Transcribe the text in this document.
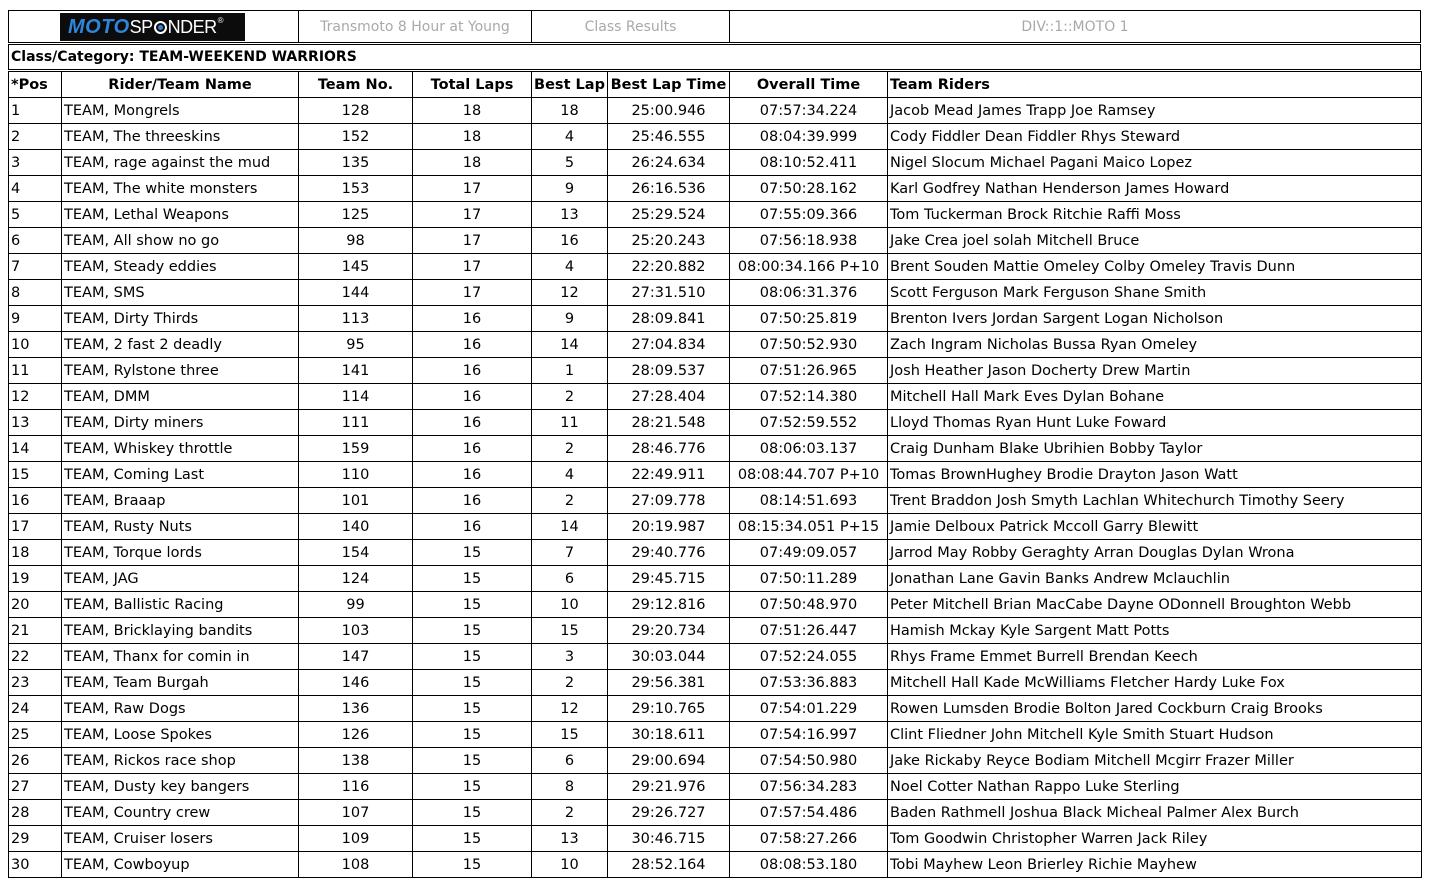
MOTO SP NDER ®	Transmoto 8 Hour at Young	Class Results	DIV::1::MOTO 1
Class/Category: TEAM-WEEKEND WARRIORS
*Pos	Rider/Team Name	Team No.	Total Laps	Best Lap	Best Lap Time	Overall Time	Team Riders
1	TEAM, Mongrels	128	18	18	25:00.946	07:57:34.224	Jacob Mead James Trapp Joe Ramsey
2	TEAM, The threeskins	152	18	4	25:46.555	08:04:39.999	Cody Fiddler Dean Fiddler Rhys Steward
3	TEAM, rage against the mud	135	18	5	26:24.634	08:10:52.411	Nigel Slocum Michael Pagani Maico Lopez
4	TEAM, The white monsters	153	17	9	26:16.536	07:50:28.162	Karl Godfrey Nathan Henderson James Howard
5	TEAM, Lethal Weapons	125	17	13	25:29.524	07:55:09.366	Tom Tuckerman Brock Ritchie Raffi Moss
6	TEAM, All show no go	98	17	16	25:20.243	07:56:18.938	Jake Crea joel solah Mitchell Bruce
7	TEAM, Steady eddies	145	17	4	22:20.882	08:00:34.166 P+10	Brent Souden Mattie Omeley Colby Omeley Travis Dunn
8	TEAM, SMS	144	17	12	27:31.510	08:06:31.376	Scott Ferguson Mark Ferguson Shane Smith
9	TEAM, Dirty Thirds	113	16	9	28:09.841	07:50:25.819	Brenton Ivers Jordan Sargent Logan Nicholson
10	TEAM, 2 fast 2 deadly	95	16	14	27:04.834	07:50:52.930	Zach Ingram Nicholas Bussa Ryan Omeley
11	TEAM, Rylstone three	141	16	1	28:09.537	07:51:26.965	Josh Heather Jason Docherty Drew Martin
12	TEAM, DMM	114	16	2	27:28.404	07:52:14.380	Mitchell Hall Mark Eves Dylan Bohane
13	TEAM, Dirty miners	111	16	11	28:21.548	07:52:59.552	Lloyd Thomas Ryan Hunt Luke Foward
14	TEAM, Whiskey throttle	159	16	2	28:46.776	08:06:03.137	Craig Dunham Blake Ubrihien Bobby Taylor
15	TEAM, Coming Last	110	16	4	22:49.911	08:08:44.707 P+10	Tomas BrownHughey Brodie Drayton Jason Watt
16	TEAM, Braaap	101	16	2	27:09.778	08:14:51.693	Trent Braddon Josh Smyth Lachlan Whitechurch Timothy Seery
17	TEAM, Rusty Nuts	140	16	14	20:19.987	08:15:34.051 P+15	Jamie Delboux Patrick Mccoll Garry Blewitt
18	TEAM, Torque lords	154	15	7	29:40.776	07:49:09.057	Jarrod May Robby Geraghty Arran Douglas Dylan Wrona
19	TEAM, JAG	124	15	6	29:45.715	07:50:11.289	Jonathan Lane Gavin Banks Andrew Mclauchlin
20	TEAM, Ballistic Racing	99	15	10	29:12.816	07:50:48.970	Peter Mitchell Brian MacCabe Dayne ODonnell Broughton Webb
21	TEAM, Bricklaying bandits	103	15	15	29:20.734	07:51:26.447	Hamish Mckay Kyle Sargent Matt Potts
22	TEAM, Thanx for comin in	147	15	3	30:03.044	07:52:24.055	Rhys Frame Emmet Burrell Brendan Keech
23	TEAM, Team Burgah	146	15	2	29:56.381	07:53:36.883	Mitchell Hall Kade McWilliams Fletcher Hardy Luke Fox
24	TEAM, Raw Dogs	136	15	12	29:10.765	07:54:01.229	Rowen Lumsden Brodie Bolton Jared Cockburn Craig Brooks
25	TEAM, Loose Spokes	126	15	15	30:18.611	07:54:16.997	Clint Fliedner John Mitchell Kyle Smith Stuart Hudson
26	TEAM, Rickos race shop	138	15	6	29:00.694	07:54:50.980	Jake Rickaby Reyce Bodiam Mitchell Mcgirr Frazer Miller
27	TEAM, Dusty key bangers	116	15	8	29:21.976	07:56:34.283	Noel Cotter Nathan Rappo Luke Sterling
28	TEAM, Country crew	107	15	2	29:26.727	07:57:54.486	Baden Rathmell Joshua Black Micheal Palmer Alex Burch
29	TEAM, Cruiser losers	109	15	13	30:46.715	07:58:27.266	Tom Goodwin Christopher Warren Jack Riley
30	TEAM, Cowboyup	108	15	10	28:52.164	08:08:53.180	Tobi Mayhew Leon Brierley Richie Mayhew
